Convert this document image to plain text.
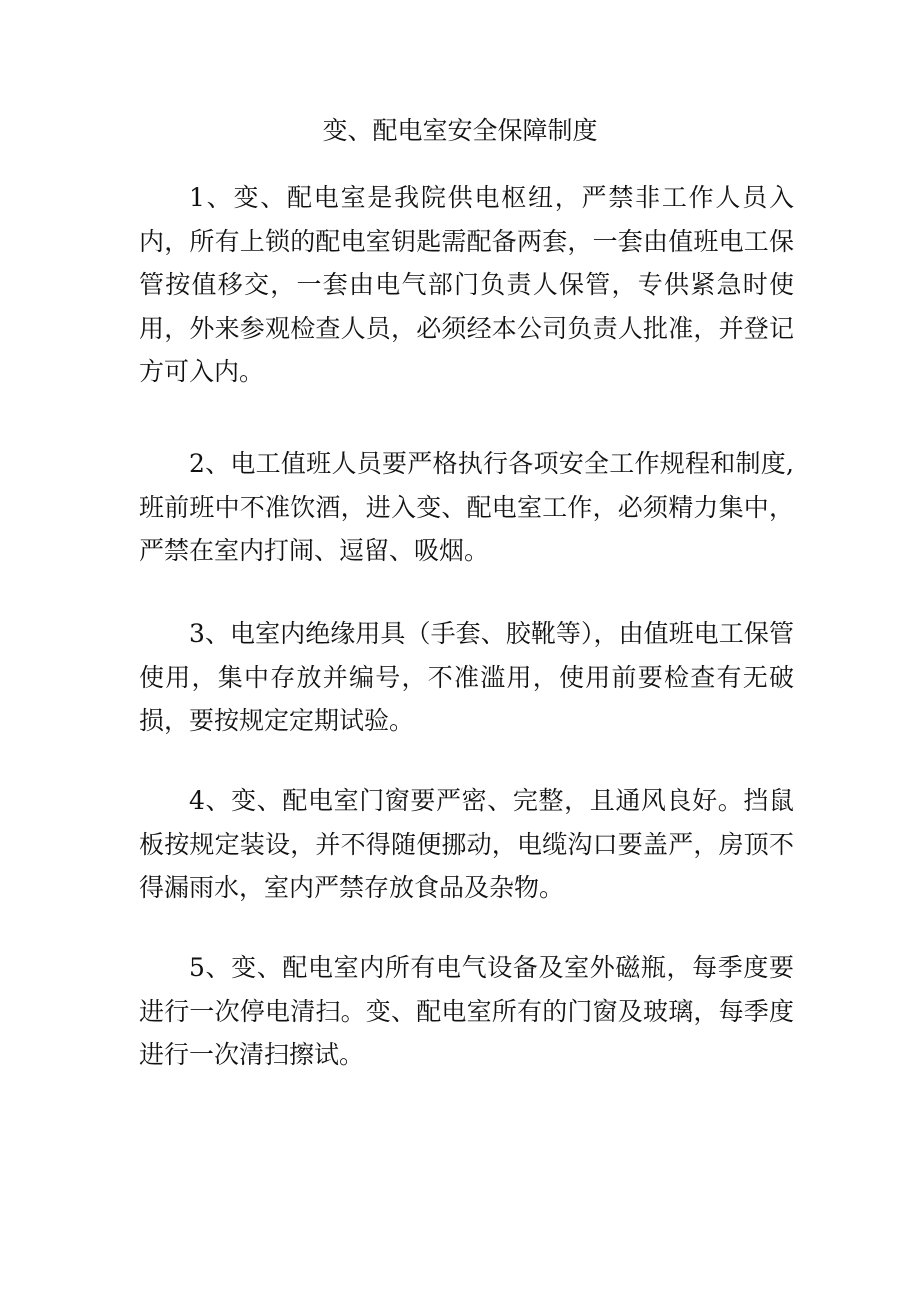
变、配电室安全保障制度

1、变、配电室是我院供电枢纽，严禁非工作人员入内，所有上锁的配电室钥匙需配备两套，一套由值班电工保管按值移交，一套由电气部门负责人保管，专供紧急时使用，外来参观检查人员，必须经本公司负责人批准，并登记方可入内。

2、电工值班人员要严格执行各项安全工作规程和制度,班前班中不准饮酒，进入变、配电室工作，必须精力集中，严禁在室内打闹、逗留、吸烟。

3、电室内绝缘用具（手套、胶靴等），由值班电工保管使用，集中存放并编号，不准滥用，使用前要检查有无破损，要按规定定期试验。

4、变、配电室门窗要严密、完整，且通风良好。挡鼠板按规定装设，并不得随便挪动，电缆沟口要盖严，房顶不得漏雨水，室内严禁存放食品及杂物。

5、变、配电室内所有电气设备及室外磁瓶，每季度要进行一次停电清扫。变、配电室所有的门窗及玻璃，每季度进行一次清扫擦试。
